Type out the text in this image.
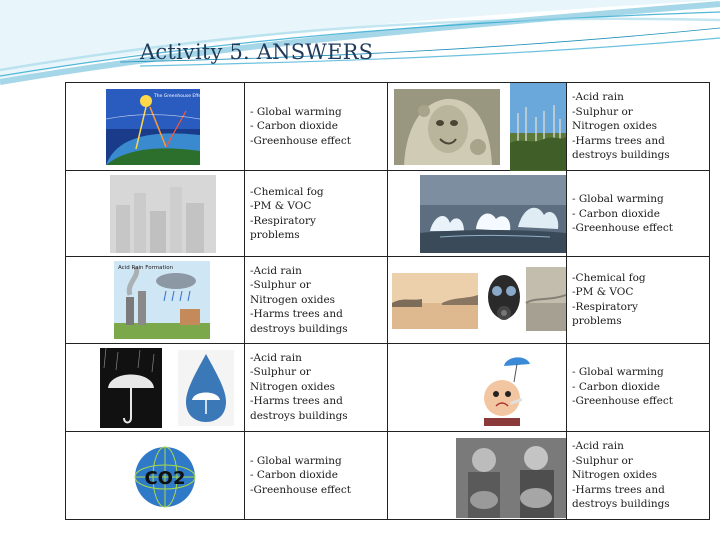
Activity 5. ANSWERS
The Greenhouse Effect	- Global warming
- Carbon dioxide
-Greenhouse effect		-Acid rain
-Sulphur or
Nitrogen oxides
-Harms trees and
destroys buildings

-Chemical fog
-PM & VOC
-Respiratory
problems		- Global warming
- Carbon dioxide
-Greenhouse effect

Acid Rain Formation	-Acid rain
-Sulphur or
Nitrogen oxides
-Harms trees and
destroys buildings		-Chemical fog
-PM & VOC
-Respiratory
problems

-Acid rain
-Sulphur or
Nitrogen oxides
-Harms trees and
destroys buildings		- Global warming
- Carbon dioxide
-Greenhouse effect

CO2	- Global warming
- Carbon dioxide
-Greenhouse effect		-Acid rain
-Sulphur or
Nitrogen oxides
-Harms trees and
destroys buildings
